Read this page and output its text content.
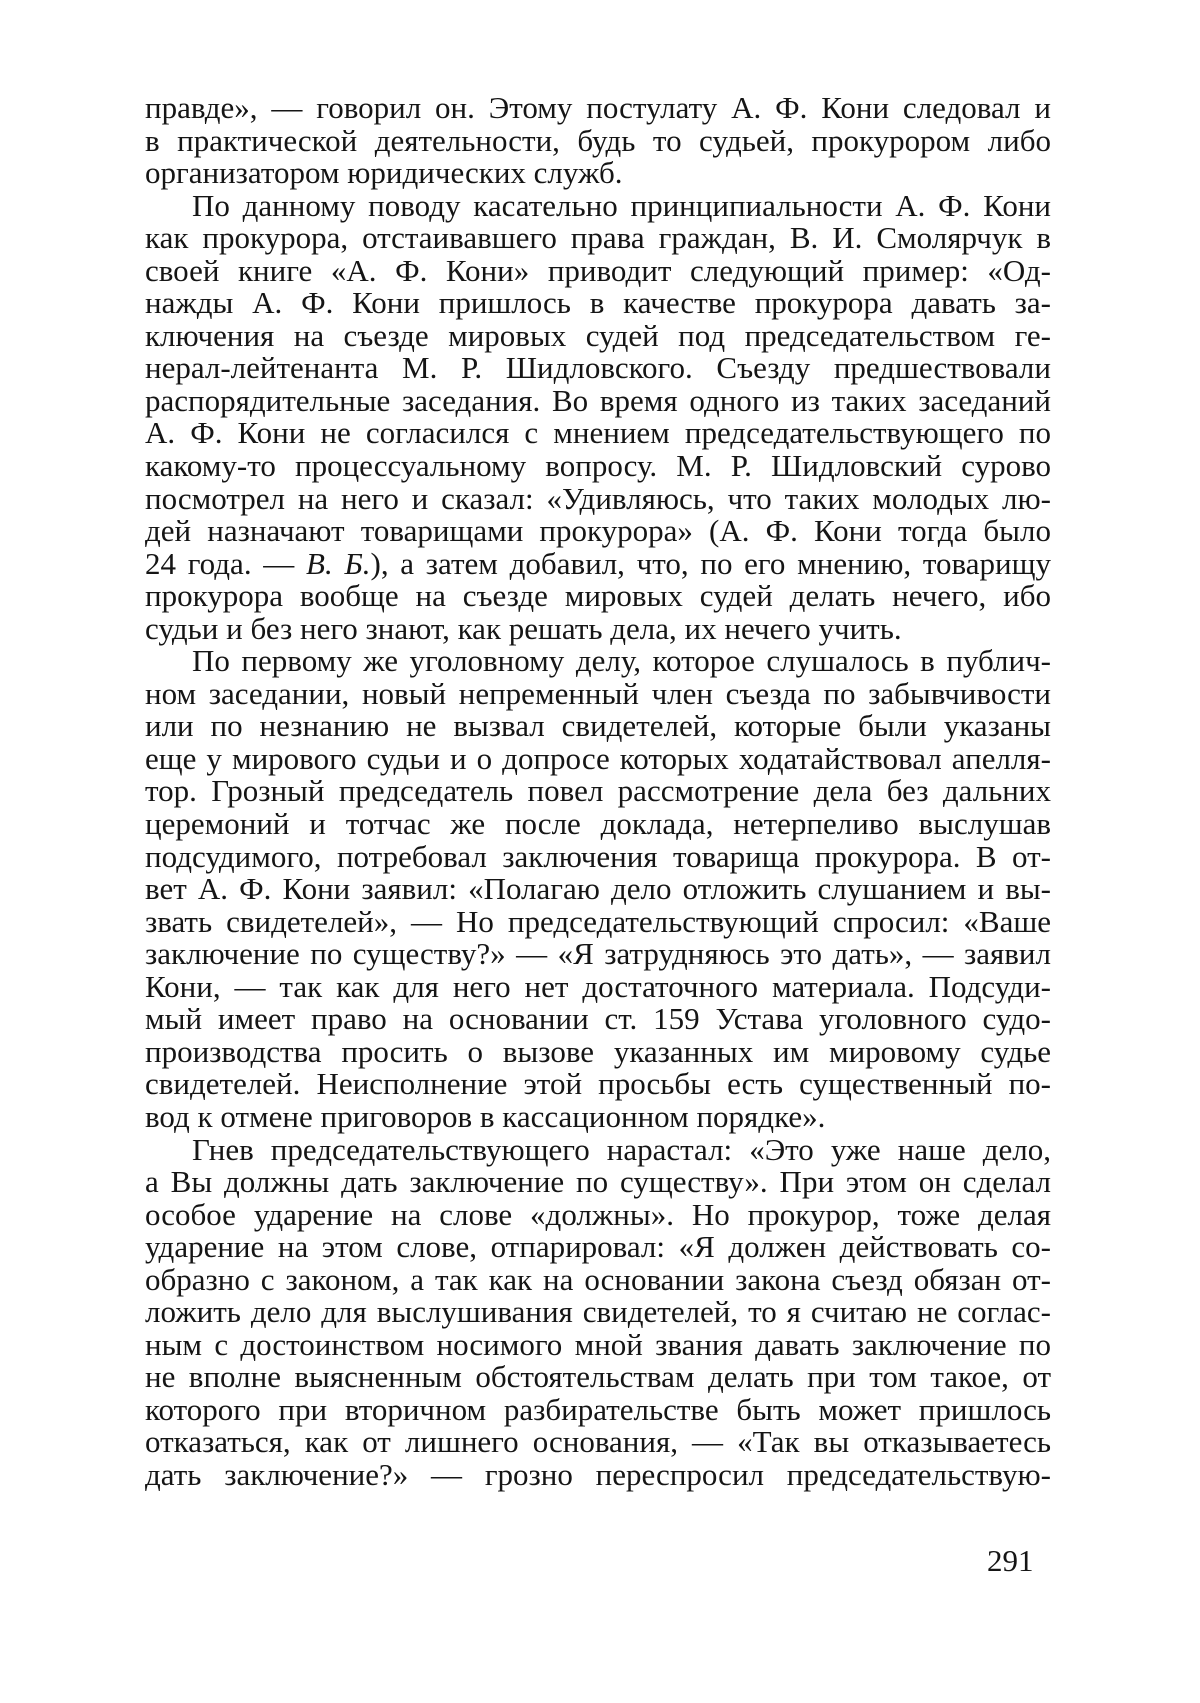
правде», — говорил он. Этому постулату А. Ф. Кони следовал и
в практической деятельности, будь то судьей, прокурором либо
организатором юридических служб.
По данному поводу касательно принципиальности А. Ф. Кони
как прокурора, отстаивавшего права граждан, В. И. Смолярчук в
своей книге «А. Ф. Кони» приводит следующий пример: «Од-
нажды А. Ф. Кони пришлось в качестве прокурора давать за-
ключения на съезде мировых судей под председательством ге-
нерал-лейтенанта М. Р. Шидловского. Съезду предшествовали
распорядительные заседания. Во время одного из таких заседаний
А. Ф. Кони не согласился с мнением председательствующего по
какому-то процессуальному вопросу. М. Р. Шидловский сурово
посмотрел на него и сказал: «Удивляюсь, что таких молодых лю-
дей назначают товарищами прокурора» (А. Ф. Кони тогда было
24 года. — В. Б.), а затем добавил, что, по его мнению, товарищу
прокурора вообще на съезде мировых судей делать нечего, ибо
судьи и без него знают, как решать дела, их нечего учить.
По первому же уголовному делу, которое слушалось в публич-
ном заседании, новый непременный член съезда по забывчивости
или по незнанию не вызвал свидетелей, которые были указаны
еще у мирового судьи и о допросе которых ходатайствовал апелля-
тор. Грозный председатель повел рассмотрение дела без дальних
церемоний и тотчас же после доклада, нетерпеливо выслушав
подсудимого, потребовал заключения товарища прокурора. В от-
вет А. Ф. Кони заявил: «Полагаю дело отложить слушанием и вы-
звать свидетелей», — Но председательствующий спросил: «Ваше
заключение по существу?» — «Я затрудняюсь это дать», — заявил
Кони, — так как для него нет достаточного материала. Подсуди-
мый имеет право на основании ст. 159 Устава уголовного судо-
производства просить о вызове указанных им мировому судье
свидетелей. Неисполнение этой просьбы есть существенный по-
вод к отмене приговоров в кассационном порядке».
Гнев председательствующего нарастал: «Это уже наше дело,
а Вы должны дать заключение по существу». При этом он сделал
особое ударение на слове «должны». Но прокурор, тоже делая
ударение на этом слове, отпарировал: «Я должен действовать со-
образно с законом, а так как на основании закона съезд обязан от-
ложить дело для выслушивания свидетелей, то я считаю не соглас-
ным с достоинством носимого мной звания давать заключение по
не вполне выясненным обстоятельствам делать при том такое, от
которого при вторичном разбирательстве быть может пришлось
отказаться, как от лишнего основания, — «Так вы отказываетесь
дать заключение?» — грозно переспросил председательствую-
291
